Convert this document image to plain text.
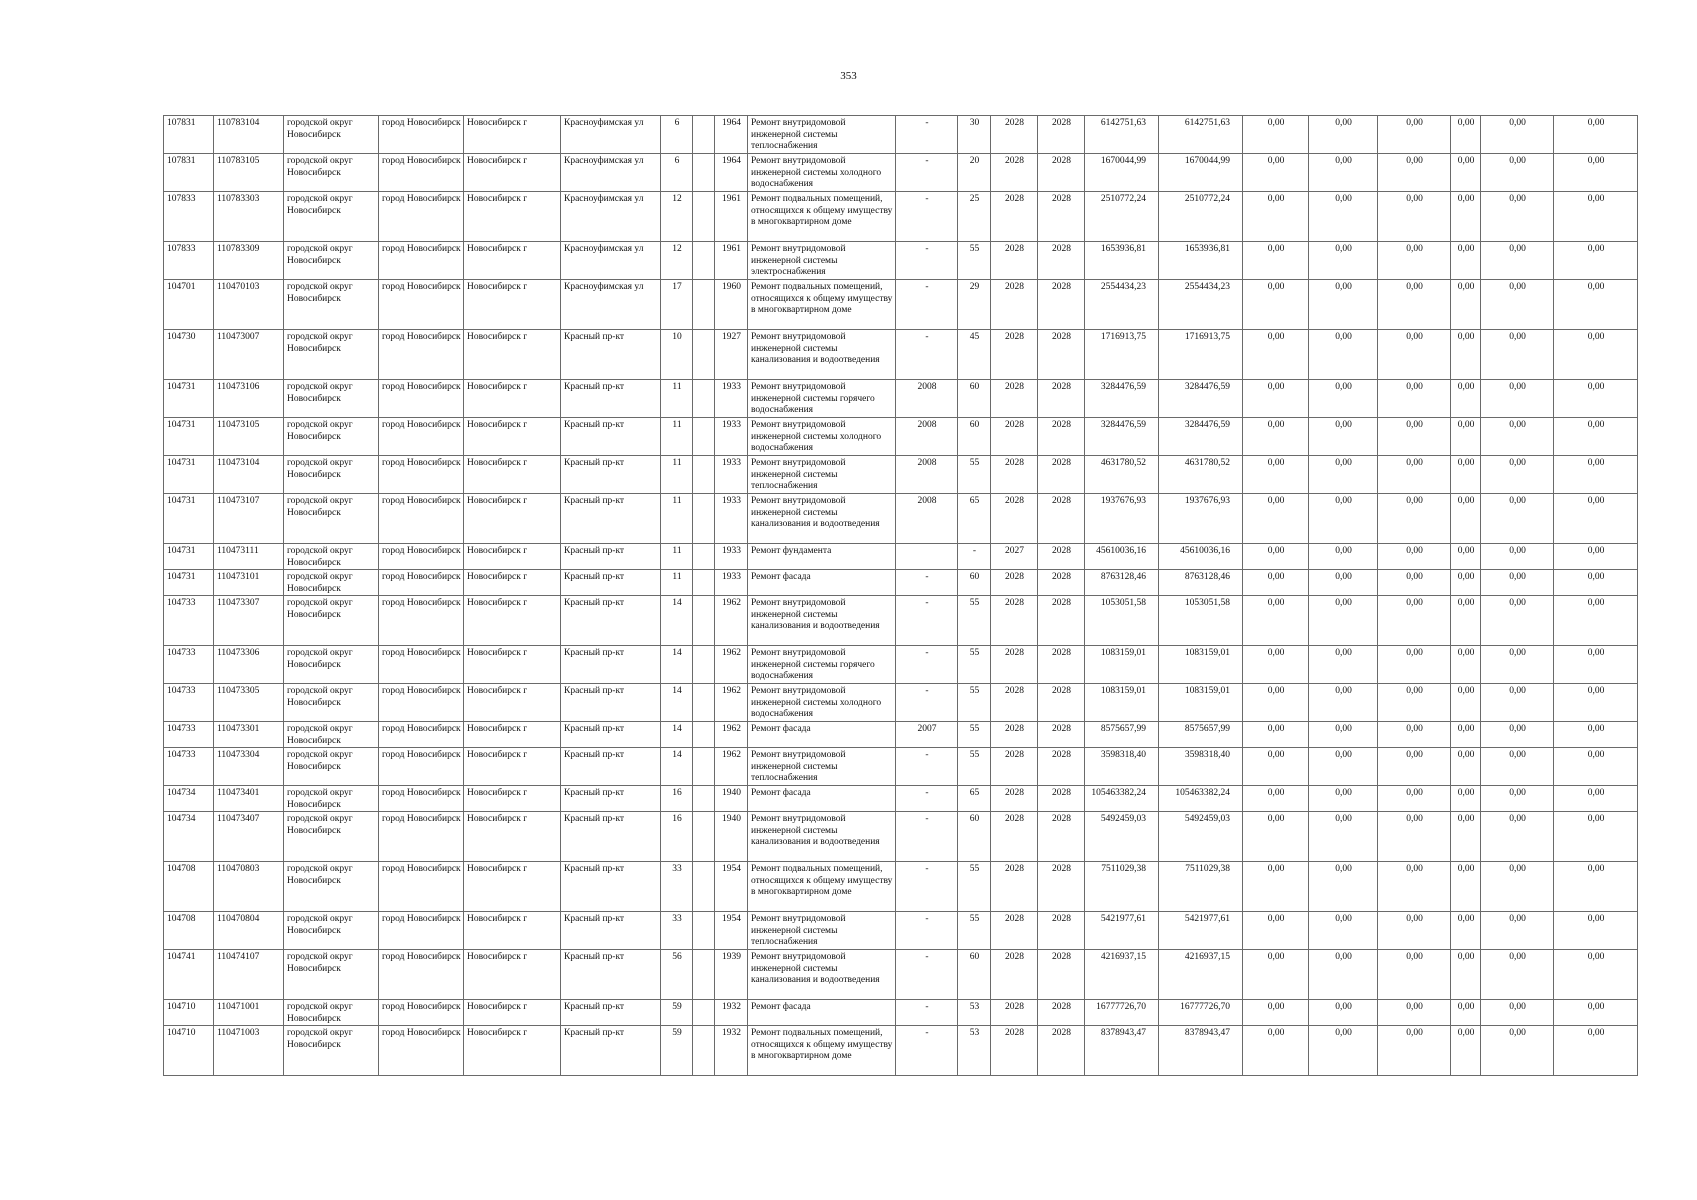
353
107831	110783104	городской округ Новосибирск	город Новосибирск	Новосибирск г	Красноуфимская ул	6		1964	Ремонт внутридомовой инженерной системы теплоснабжения	-	30	2028	2028	6142751,63	6142751,63	0,00	0,00	0,00	0,00	0,00	0,00
107831	110783105	городской округ Новосибирск	город Новосибирск	Новосибирск г	Красноуфимская ул	6		1964	Ремонт внутридомовой инженерной системы холодного водоснабжения	-	20	2028	2028	1670044,99	1670044,99	0,00	0,00	0,00	0,00	0,00	0,00
107833	110783303	городской округ Новосибирск	город Новосибирск	Новосибирск г	Красноуфимская ул	12		1961	Ремонт подвальных помещений, относящихся к общему имуществу в многоквартирном доме	-	25	2028	2028	2510772,24	2510772,24	0,00	0,00	0,00	0,00	0,00	0,00
107833	110783309	городской округ Новосибирск	город Новосибирск	Новосибирск г	Красноуфимская ул	12		1961	Ремонт внутридомовой инженерной системы электроснабжения	-	55	2028	2028	1653936,81	1653936,81	0,00	0,00	0,00	0,00	0,00	0,00
104701	110470103	городской округ Новосибирск	город Новосибирск	Новосибирск г	Красноуфимская ул	17		1960	Ремонт подвальных помещений, относящихся к общему имуществу в многоквартирном доме	-	29	2028	2028	2554434,23	2554434,23	0,00	0,00	0,00	0,00	0,00	0,00
104730	110473007	городской округ Новосибирск	город Новосибирск	Новосибирск г	Красный пр-кт	10		1927	Ремонт внутридомовой инженерной системы канализования и водоотведения	-	45	2028	2028	1716913,75	1716913,75	0,00	0,00	0,00	0,00	0,00	0,00
104731	110473106	городской округ Новосибирск	город Новосибирск	Новосибирск г	Красный пр-кт	11		1933	Ремонт внутридомовой инженерной системы горячего водоснабжения	2008	60	2028	2028	3284476,59	3284476,59	0,00	0,00	0,00	0,00	0,00	0,00
104731	110473105	городской округ Новосибирск	город Новосибирск	Новосибирск г	Красный пр-кт	11		1933	Ремонт внутридомовой инженерной системы холодного водоснабжения	2008	60	2028	2028	3284476,59	3284476,59	0,00	0,00	0,00	0,00	0,00	0,00
104731	110473104	городской округ Новосибирск	город Новосибирск	Новосибирск г	Красный пр-кт	11		1933	Ремонт внутридомовой инженерной системы теплоснабжения	2008	55	2028	2028	4631780,52	4631780,52	0,00	0,00	0,00	0,00	0,00	0,00
104731	110473107	городской округ Новосибирск	город Новосибирск	Новосибирск г	Красный пр-кт	11		1933	Ремонт внутридомовой инженерной системы канализования и водоотведения	2008	65	2028	2028	1937676,93	1937676,93	0,00	0,00	0,00	0,00	0,00	0,00
104731	110473111	городской округ Новосибирск	город Новосибирск	Новосибирск г	Красный пр-кт	11		1933	Ремонт фундамента		-	2027	2028	45610036,16	45610036,16	0,00	0,00	0,00	0,00	0,00	0,00
104731	110473101	городской округ Новосибирск	город Новосибирск	Новосибирск г	Красный пр-кт	11		1933	Ремонт фасада	-	60	2028	2028	8763128,46	8763128,46	0,00	0,00	0,00	0,00	0,00	0,00
104733	110473307	городской округ Новосибирск	город Новосибирск	Новосибирск г	Красный пр-кт	14		1962	Ремонт внутридомовой инженерной системы канализования и водоотведения	-	55	2028	2028	1053051,58	1053051,58	0,00	0,00	0,00	0,00	0,00	0,00
104733	110473306	городской округ Новосибирск	город Новосибирск	Новосибирск г	Красный пр-кт	14		1962	Ремонт внутридомовой инженерной системы горячего водоснабжения	-	55	2028	2028	1083159,01	1083159,01	0,00	0,00	0,00	0,00	0,00	0,00
104733	110473305	городской округ Новосибирск	город Новосибирск	Новосибирск г	Красный пр-кт	14		1962	Ремонт внутридомовой инженерной системы холодного водоснабжения	-	55	2028	2028	1083159,01	1083159,01	0,00	0,00	0,00	0,00	0,00	0,00
104733	110473301	городской округ Новосибирск	город Новосибирск	Новосибирск г	Красный пр-кт	14		1962	Ремонт фасада	2007	55	2028	2028	8575657,99	8575657,99	0,00	0,00	0,00	0,00	0,00	0,00
104733	110473304	городской округ Новосибирск	город Новосибирск	Новосибирск г	Красный пр-кт	14		1962	Ремонт внутридомовой инженерной системы теплоснабжения	-	55	2028	2028	3598318,40	3598318,40	0,00	0,00	0,00	0,00	0,00	0,00
104734	110473401	городской округ Новосибирск	город Новосибирск	Новосибирск г	Красный пр-кт	16		1940	Ремонт фасада	-	65	2028	2028	105463382,24	105463382,24	0,00	0,00	0,00	0,00	0,00	0,00
104734	110473407	городской округ Новосибирск	город Новосибирск	Новосибирск г	Красный пр-кт	16		1940	Ремонт внутридомовой инженерной системы канализования и водоотведения	-	60	2028	2028	5492459,03	5492459,03	0,00	0,00	0,00	0,00	0,00	0,00
104708	110470803	городской округ Новосибирск	город Новосибирск	Новосибирск г	Красный пр-кт	33		1954	Ремонт подвальных помещений, относящихся к общему имуществу в многоквартирном доме	-	55	2028	2028	7511029,38	7511029,38	0,00	0,00	0,00	0,00	0,00	0,00
104708	110470804	городской округ Новосибирск	город Новосибирск	Новосибирск г	Красный пр-кт	33		1954	Ремонт внутридомовой инженерной системы теплоснабжения	-	55	2028	2028	5421977,61	5421977,61	0,00	0,00	0,00	0,00	0,00	0,00
104741	110474107	городской округ Новосибирск	город Новосибирск	Новосибирск г	Красный пр-кт	56		1939	Ремонт внутридомовой инженерной системы канализования и водоотведения	-	60	2028	2028	4216937,15	4216937,15	0,00	0,00	0,00	0,00	0,00	0,00
104710	110471001	городской округ Новосибирск	город Новосибирск	Новосибирск г	Красный пр-кт	59		1932	Ремонт фасада	-	53	2028	2028	16777726,70	16777726,70	0,00	0,00	0,00	0,00	0,00	0,00
104710	110471003	городской округ Новосибирск	город Новосибирск	Новосибирск г	Красный пр-кт	59		1932	Ремонт подвальных помещений, относящихся к общему имуществу в многоквартирном доме	-	53	2028	2028	8378943,47	8378943,47	0,00	0,00	0,00	0,00	0,00	0,00
